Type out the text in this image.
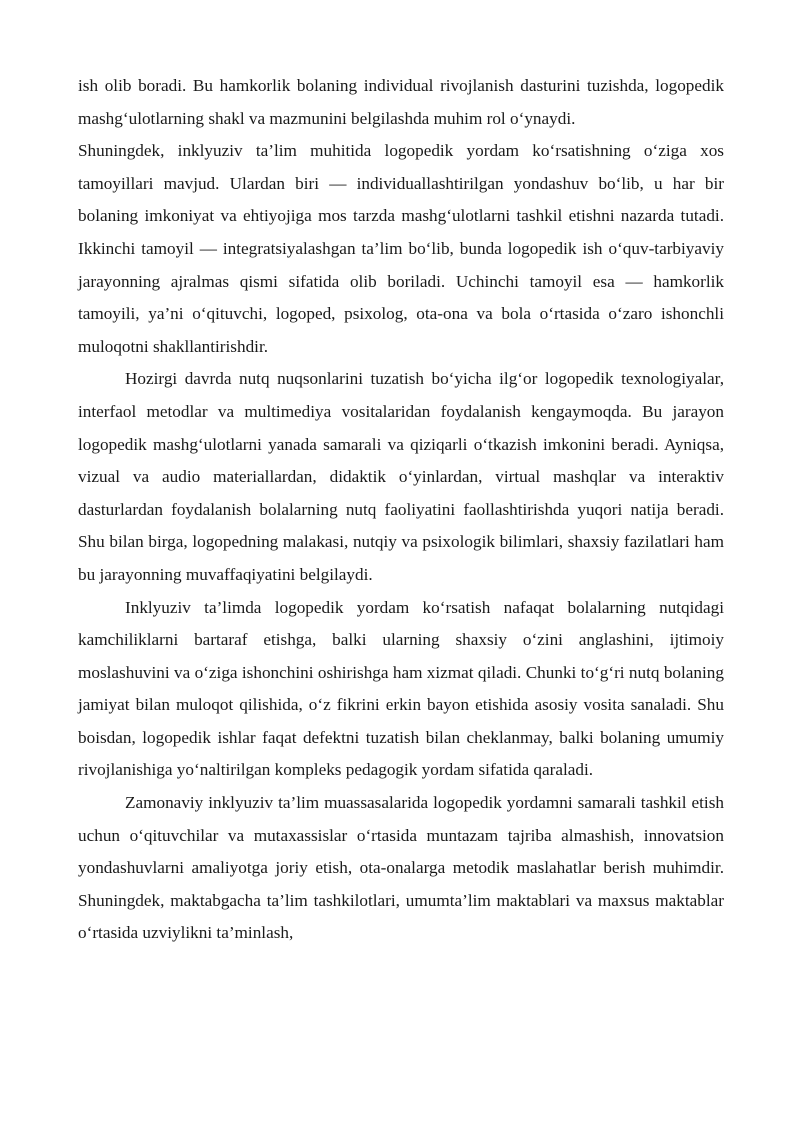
ish olib boradi. Bu hamkorlik bolaning individual rivojlanish dasturini tuzishda, logopedik mashg‘ulotlarning shakl va mazmunini belgilashda muhim rol o‘ynaydi.

Shuningdek, inklyuziv ta’lim muhitida logopedik yordam ko‘rsatishning o‘ziga xos tamoyillari mavjud. Ulardan biri — individuallashtirilgan yondashuv bo‘lib, u har bir bolaning imkoniyat va ehtiyojiga mos tarzda mashg‘ulotlarni tashkil etishni nazarda tutadi. Ikkinchi tamoyil — integratsiyalashgan ta’lim bo‘lib, bunda logopedik ish o‘quv-tarbiyaviy jarayonning ajralmas qismi sifatida olib boriladi. Uchinchi tamoyil esa — hamkorlik tamoyili, ya’ni o‘qituvchi, logoped, psixolog, ota-ona va bola o‘rtasida o‘zaro ishonchli muloqotni shakllantirishdir.

Hozirgi davrda nutq nuqsonlarini tuzatish bo‘yicha ilg‘or logopedik texnologiyalar, interfaol metodlar va multimediya vositalaridan foydalanish kengaymoqda. Bu jarayon logopedik mashg‘ulotlarni yanada samarali va qiziqarli o‘tkazish imkonini beradi. Ayniqsa, vizual va audio materiallardan, didaktik o‘yinlardan, virtual mashqlar va interaktiv dasturlardan foydalanish bolalarning nutq faoliyatini faollashtirishda yuqori natija beradi. Shu bilan birga, logopedning malakasi, nutqiy va psixologik bilimlari, shaxsiy fazilatlari ham bu jarayonning muvaffaqiyatini belgilaydi.

Inklyuziv ta’limda logopedik yordam ko‘rsatish nafaqat bolalarning nutqidagi kamchiliklarni bartaraf etishga, balki ularning shaxsiy o‘zini anglashini, ijtimoiy moslashuvini va o‘ziga ishonchini oshirishga ham xizmat qiladi. Chunki to‘g‘ri nutq bolaning jamiyat bilan muloqot qilishida, o‘z fikrini erkin bayon etishida asosiy vosita sanaladi. Shu boisdan, logopedik ishlar faqat defektni tuzatish bilan cheklanmay, balki bolaning umumiy rivojlanishiga yo‘naltirilgan kompleks pedagogik yordam sifatida qaraladi.

Zamonaviy inklyuziv ta’lim muassasalarida logopedik yordamni samarali tashkil etish uchun o‘qituvchilar va mutaxassislar o‘rtasida muntazam tajriba almashish, innovatsion yondashuvlarni amaliyotga joriy etish, ota-onalarga metodik maslahatlar berish muhimdir. Shuningdek, maktabgacha ta’lim tashkilotlari, umumta’lim maktablari va maxsus maktablar o‘rtasida uzviylikni ta’minlash,
